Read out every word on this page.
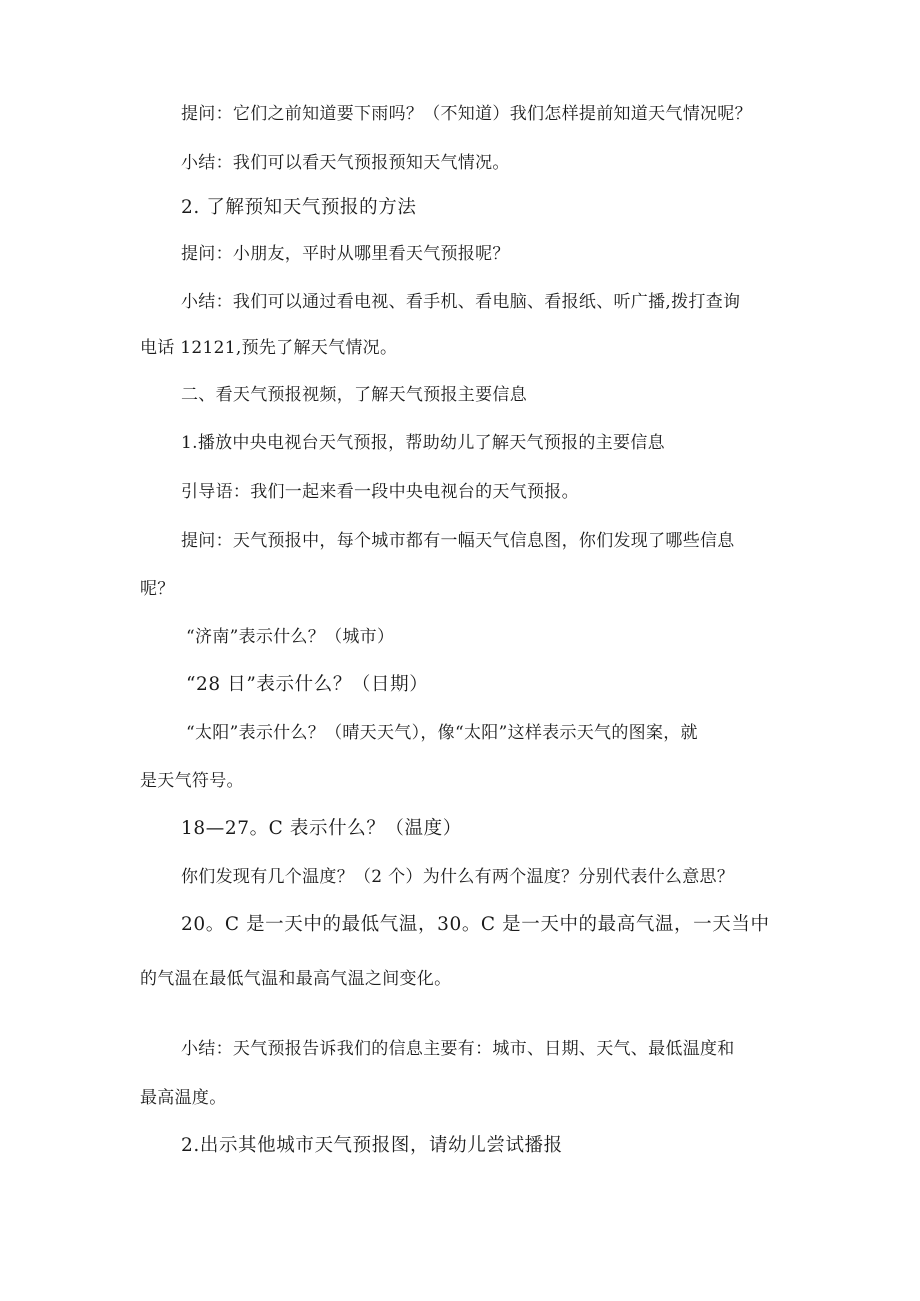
提问：它们之前知道要下雨吗？（不知道）我们怎样提前知道天气情况呢？
小结：我们可以看天气预报预知天气情况。
2. 了解预知天气预报的方法
提问：小朋友，平时从哪里看天气预报呢？
小结：我们可以通过看电视、看手机、看电脑、看报纸、听广播,拨打查询
电话 12121,预先了解天气情况。
二、看天气预报视频，了解天气预报主要信息
1.播放中央电视台天气预报，帮助幼儿了解天气预报的主要信息
引导语：我们一起来看一段中央电视台的天气预报。
提问：天气预报中，每个城市都有一幅天气信息图，你们发现了哪些信息
呢？
“济南”表示什么？（城市）
“28 日”表示什么？（日期）
“太阳”表示什么？（晴天天气），像“太阳”这样表示天气的图案，就
是天气符号。
18—27。C 表示什么？（温度）
你们发现有几个温度？（2 个）为什么有两个温度？分别代表什么意思？
20。C 是一天中的最低气温，30。C 是一天中的最高气温，一天当中
的气温在最低气温和最高气温之间变化。
小结：天气预报告诉我们的信息主要有：城市、日期、天气、最低温度和
最高温度。
2.出示其他城市天气预报图，请幼儿尝试播报
